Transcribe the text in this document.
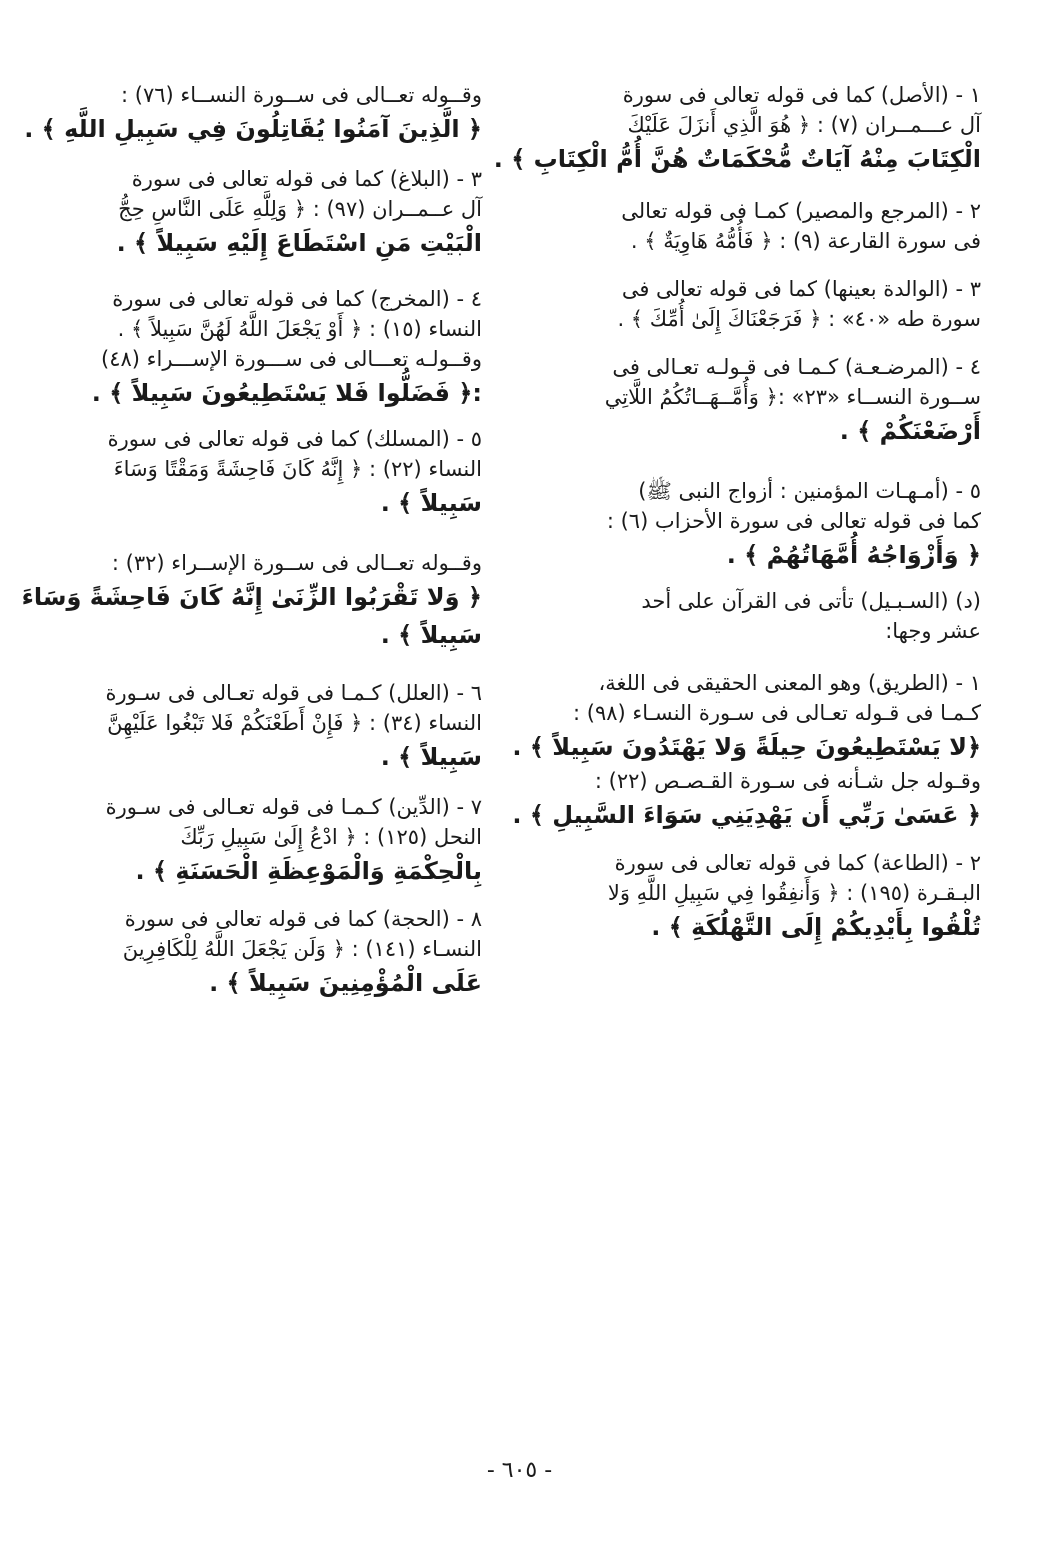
١ - (الأصل) كما فى قوله تعالى فى سورة
آل عـــمــران (٧) : ﴿ هُوَ الَّذِي أَنزَلَ عَلَيْكَ
الْكِتَابَ مِنْهُ آيَاتٌ مُّحْكَمَاتٌ هُنَّ أُمُّ الْكِتَابِ ﴾ .
٢ - (المرجع والمصير) كمـا فى قوله تعالى
فى سورة القارعة (٩) : ﴿ فَأُمُّهُ هَاوِيَةٌ ﴾ .
٣ - (الوالدة بعينها) كما فى قوله تعالى فى
سورة طه «٤٠» : ﴿ فَرَجَعْنَاكَ إِلَىٰ أُمِّكَ ﴾ .
٤ - (المرضـعـة) كـمـا فى قـولـه تعـالى فى
ســورة النســاء «٢٣» :﴿ وَأُمَّــهَــاتُكُمُ اللَّاتِي
أَرْضَعْنَكُمْ ﴾ .
٥ - (أمـهـات المؤمنين : أزواج النبى ﷺ)
كما فى قوله تعالى فى سورة الأحزاب (٦) :
﴿ وَأَزْوَاجُهُ أُمَّهَاتُهُمْ ﴾ .
(د) (السـبـيل) تأتى فى القرآن على أحد
عشر وجها:
١ - (الطريق) وهو المعنى الحقيقى فى اللغة،
كـمـا فى قـوله تعـالى فى سـورة النسـاء (٩٨) :
﴿لا يَسْتَطِيعُونَ حِيلَةً وَلا يَهْتَدُونَ سَبِيلاً ﴾ .
وقـوله جل شـأنه فى سـورة القـصـص (٢٢) :
﴿ عَسَىٰ رَبِّي أَن يَهْدِيَنِي سَوَاءَ السَّبِيلِ ﴾ .
٢ - (الطاعة) كما فى قوله تعالى فى سورة
البـقـرة (١٩٥) : ﴿ وَأَنفِقُوا فِي سَبِيلِ اللَّهِ وَلا
تُلْقُوا بِأَيْدِيكُمْ إِلَى التَّهْلُكَةِ ﴾ .
وقــوله تعــالى فى ســورة النســاء (٧٦) :
﴿ الَّذِينَ آمَنُوا يُقَاتِلُونَ فِي سَبِيلِ اللَّهِ ﴾ .
٣ - (البلاغ) كما فى قوله تعالى فى سورة
آل عــمــران (٩٧) : ﴿ وَلِلَّهِ عَلَى النَّاسِ حِجُّ
الْبَيْتِ مَنِ اسْتَطَاعَ إِلَيْهِ سَبِيلاً ﴾ .
٤ - (المخرج) كما فى قوله تعالى فى سورة
النساء (١٥) : ﴿ أَوْ يَجْعَلَ اللَّهُ لَهُنَّ سَبِيلاً ﴾ .
وقــولـه تعـــالى فى ســـورة الإســـراء (٤٨)
:﴿ فَضَلُّوا فَلا يَسْتَطِيعُونَ سَبِيلاً ﴾ .
٥ - (المسلك) كما فى قوله تعالى فى سورة
النساء (٢٢) : ﴿ إِنَّهُ كَانَ فَاحِشَةً وَمَقْتًا وَسَاءَ
سَبِيلاً ﴾ .
وقــوله تعــالى فى ســورة الإســراء (٣٢) :
﴿ وَلا تَقْرَبُوا الزِّنَىٰ إِنَّهُ كَانَ فَاحِشَةً وَسَاءَ
سَبِيلاً ﴾ .
٦ - (العلل) كـمـا فى قوله تعـالى فى سـورة
النساء (٣٤) : ﴿ فَإِنْ أَطَعْنَكُمْ فَلا تَبْغُوا عَلَيْهِنَّ
سَبِيلاً ﴾ .
٧ - (الدِّين) كـمـا فى قوله تعـالى فى سـورة
النحل (١٢٥) : ﴿ ادْعُ إِلَىٰ سَبِيلِ رَبِّكَ
بِالْحِكْمَةِ وَالْمَوْعِظَةِ الْحَسَنَةِ ﴾ .
٨ - (الحجة) كما فى قوله تعالى فى سورة
النسـاء (١٤١) : ﴿ وَلَن يَجْعَلَ اللَّهُ لِلْكَافِرِينَ
عَلَى الْمُؤْمِنِينَ سَبِيلاً ﴾ .
- ٦٠٥ -
